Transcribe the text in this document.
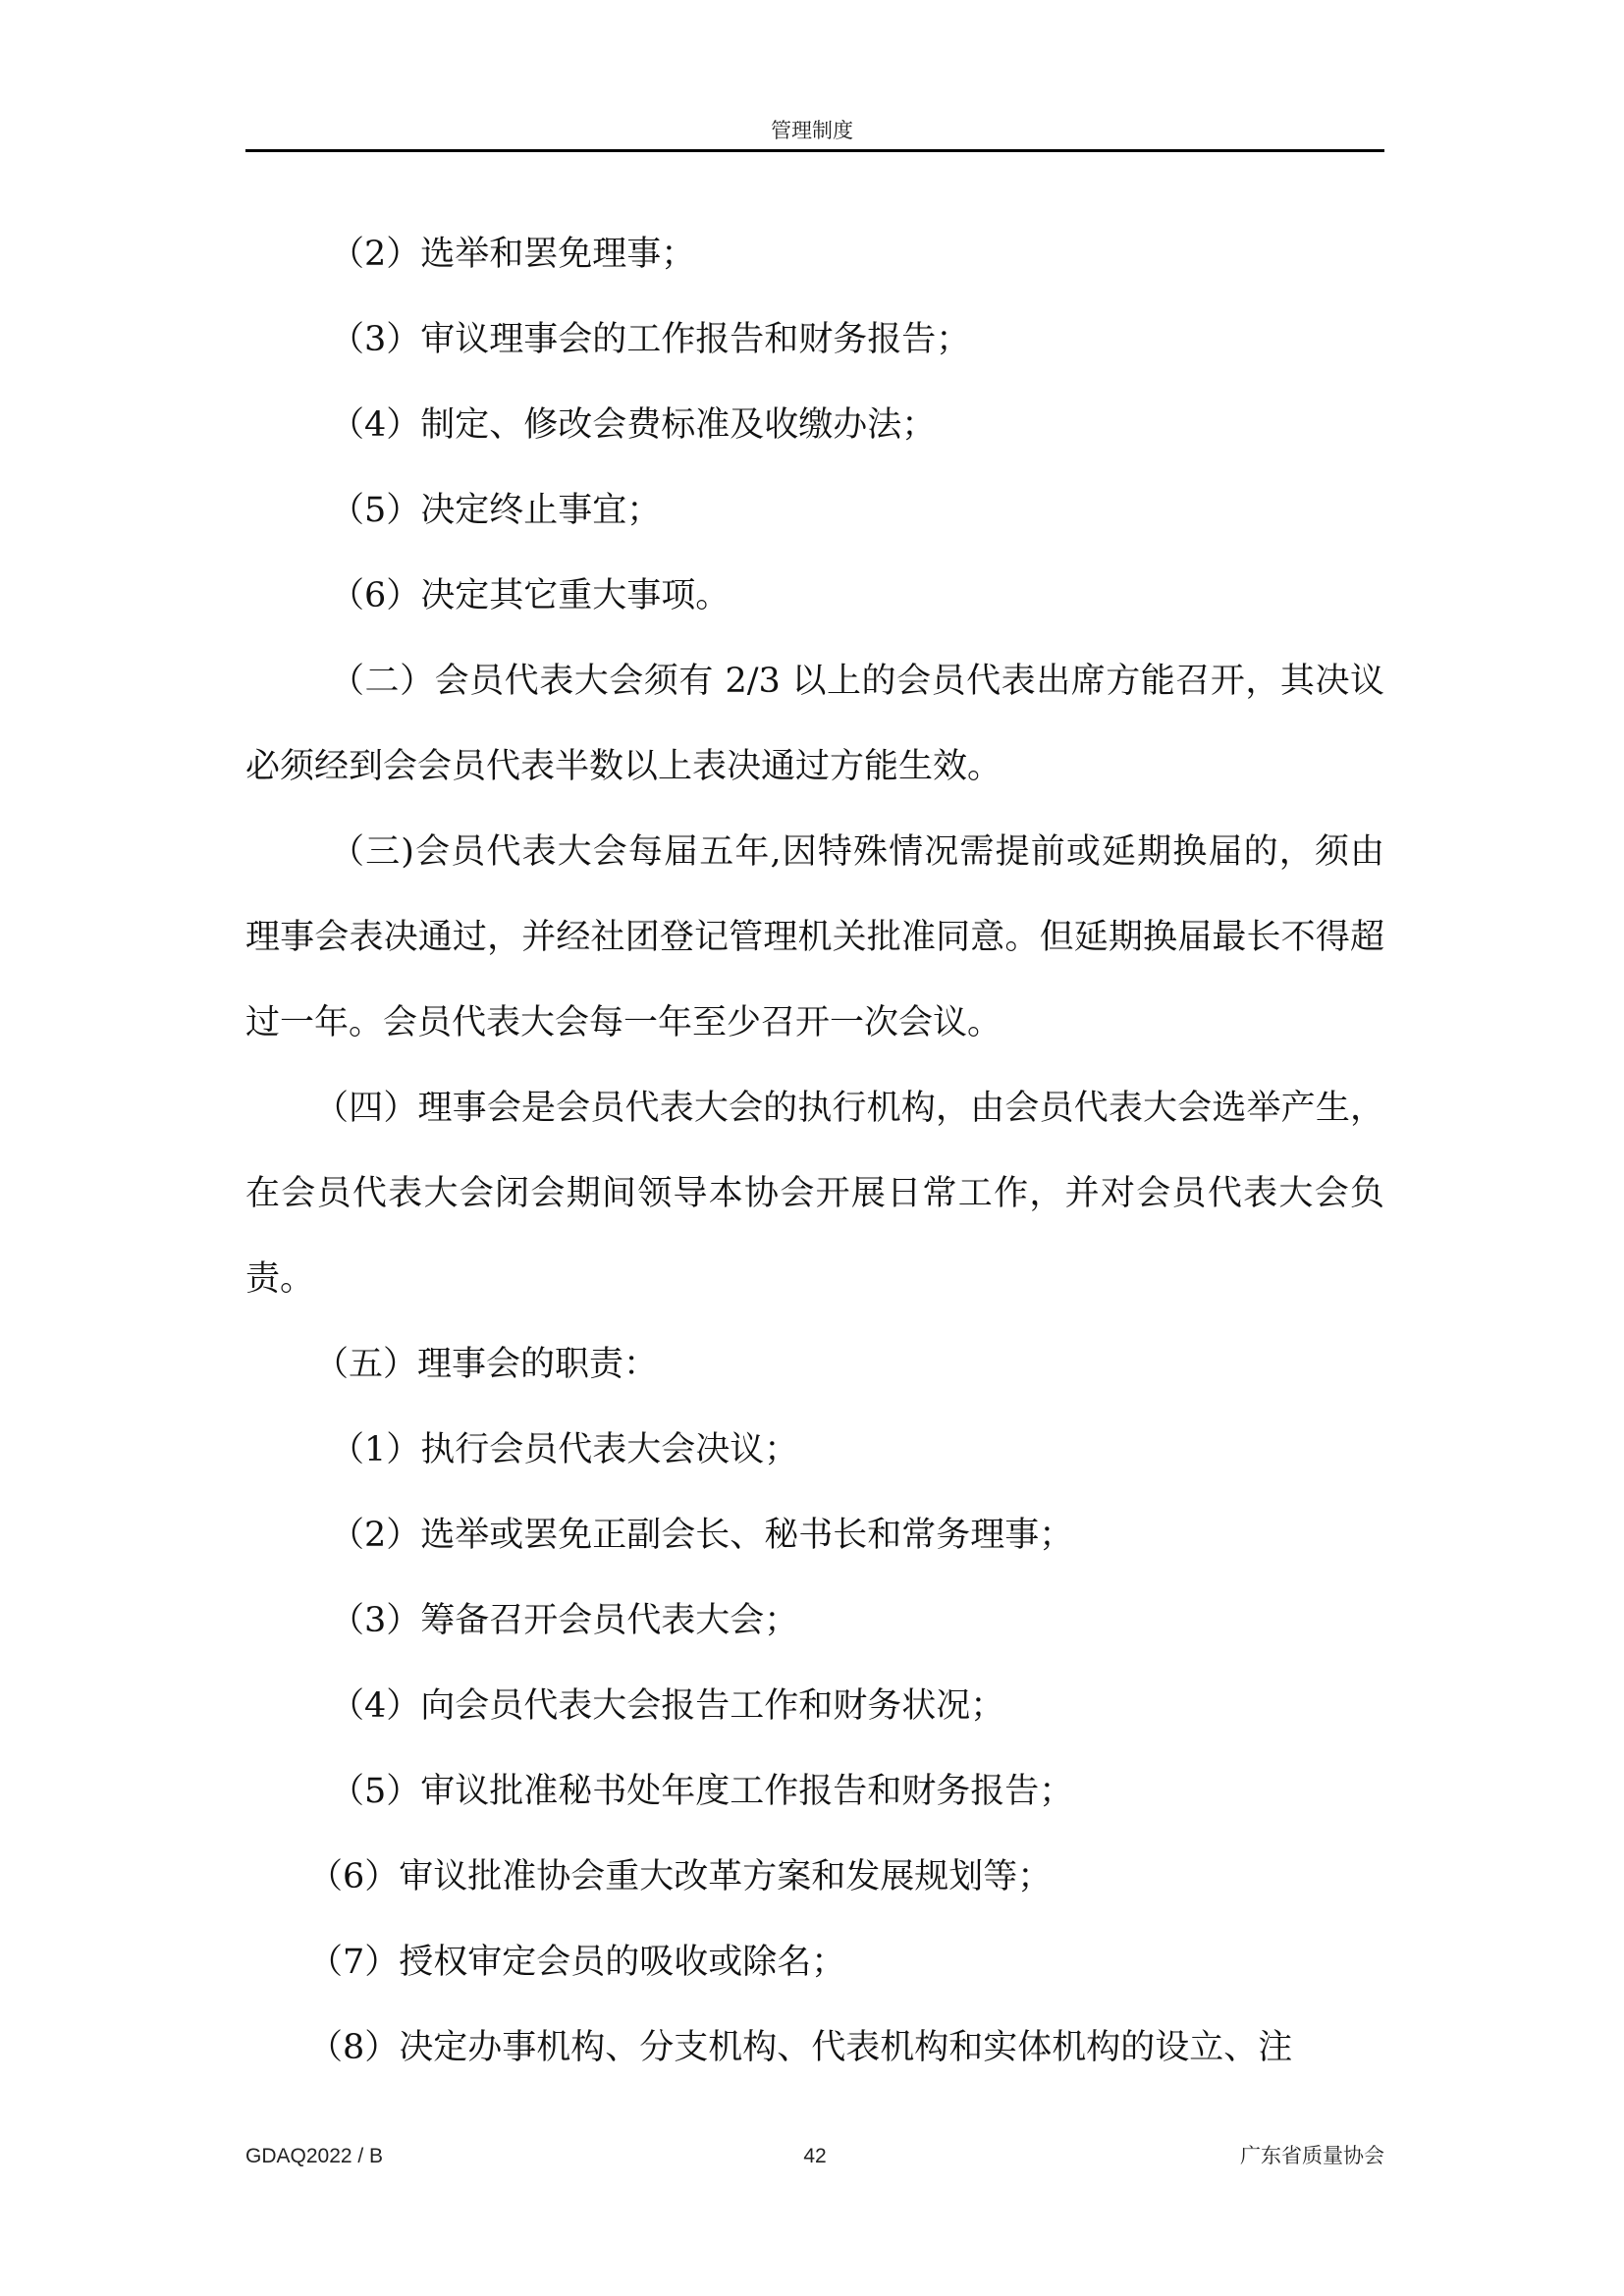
管理制度

（2）选举和罢免理事；

（3）审议理事会的工作报告和财务报告；

（4）制定、修改会费标准及收缴办法；

（5）决定终止事宜；

（6）决定其它重大事项。

（二）会员代表大会须有 2/3 以上的会员代表出席方能召开，其决议必须经到会会员代表半数以上表决通过方能生效。

（三)会员代表大会每届五年,因特殊情况需提前或延期换届的，须由理事会表决通过，并经社团登记管理机关批准同意。但延期换届最长不得超过一年。会员代表大会每一年至少召开一次会议。

（四）理事会是会员代表大会的执行机构，由会员代表大会选举产生，在会员代表大会闭会期间领导本协会开展日常工作，并对会员代表大会负责。

（五）理事会的职责：

（1）执行会员代表大会决议；

（2）选举或罢免正副会长、秘书长和常务理事；

（3）筹备召开会员代表大会；

（4）向会员代表大会报告工作和财务状况；

（5）审议批准秘书处年度工作报告和财务报告；

（6）审议批准协会重大改革方案和发展规划等；

（7）授权审定会员的吸收或除名；

（8）决定办事机构、分支机构、代表机构和实体机构的设立、注

GDAQ2022 / B	42	广东省质量协会
